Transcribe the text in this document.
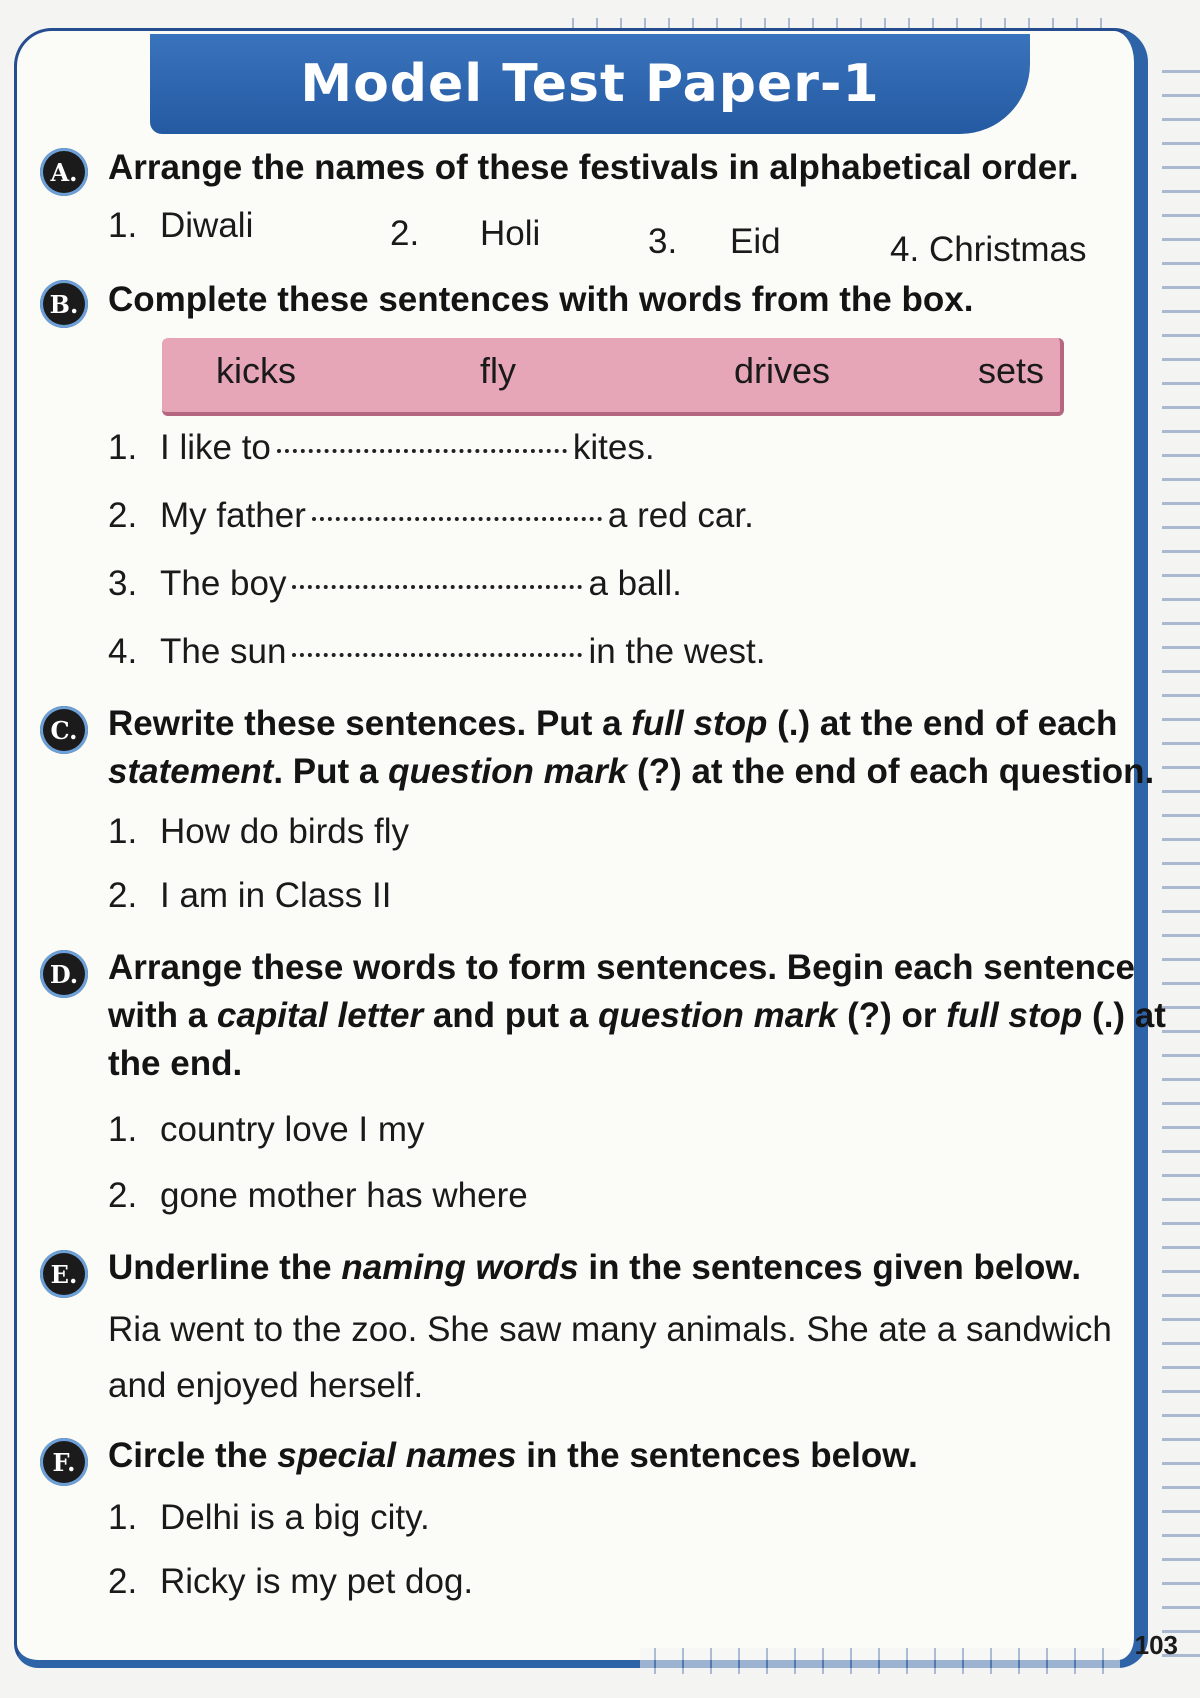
Model Test Paper-1
A. Arrange the names of these festivals in alphabetical order.
1. Diwali	2. Holi	3. Eid	4. Christmas
B. Complete these sentences with words from the box.
kicks	fly	drives	sets
1. I like to	kites.
2. My father	a red car.
3. The boy	a ball.
4. The sun	in the west.
C. Rewrite these sentences. Put a full stop (.) at the end of each statement. Put a question mark (?) at the end of each question.
1. How do birds fly
2. I am in Class II
D. Arrange these words to form sentences. Begin each sentence with a capital letter and put a question mark (?) or full stop (.) at the end.
1. country love I my
2. gone mother has where
E. Underline the naming words in the sentences given below.
Ria went to the zoo. She saw many animals. She ate a sandwich and enjoyed herself.
F. Circle the special names in the sentences below.
1. Delhi is a big city.
2. Ricky is my pet dog.
103
